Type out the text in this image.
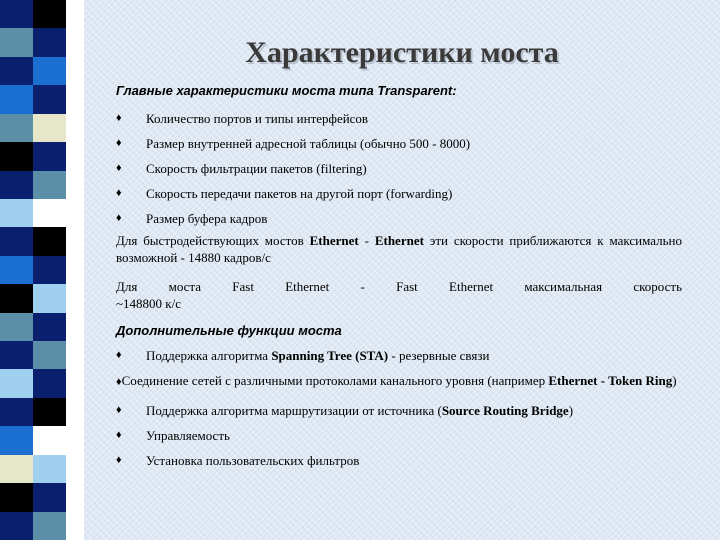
Характеристики моста

Главные характеристики моста типа Transparent:

♦	Количество портов и типы интерфейсов
♦	Размер внутренней адресной таблицы (обычно 500 - 8000)
♦	Скорость фильтрации пакетов (filtering)
♦	Скорость передачи пакетов на другой порт (forwarding)
♦	Размер буфера кадров
Для быстродействующих мостов Ethernet - Ethernet эти скорости приближаются к максимально возможной - 14880 кадров/с
Для моста Fast Ethernet - Fast Ethernet максимальная скорость
~148800 к/с

Дополнительные функции моста

♦	Поддержка алгоритма Spanning Tree (STA) - резервные связи
♦Соединение сетей с различными протоколами канального уровня (например Ethernet - Token Ring)
♦	Поддержка алгоритма маршрутизации от источника (Source Routing Bridge)
♦	Управляемость
♦	Установка пользовательских фильтров
